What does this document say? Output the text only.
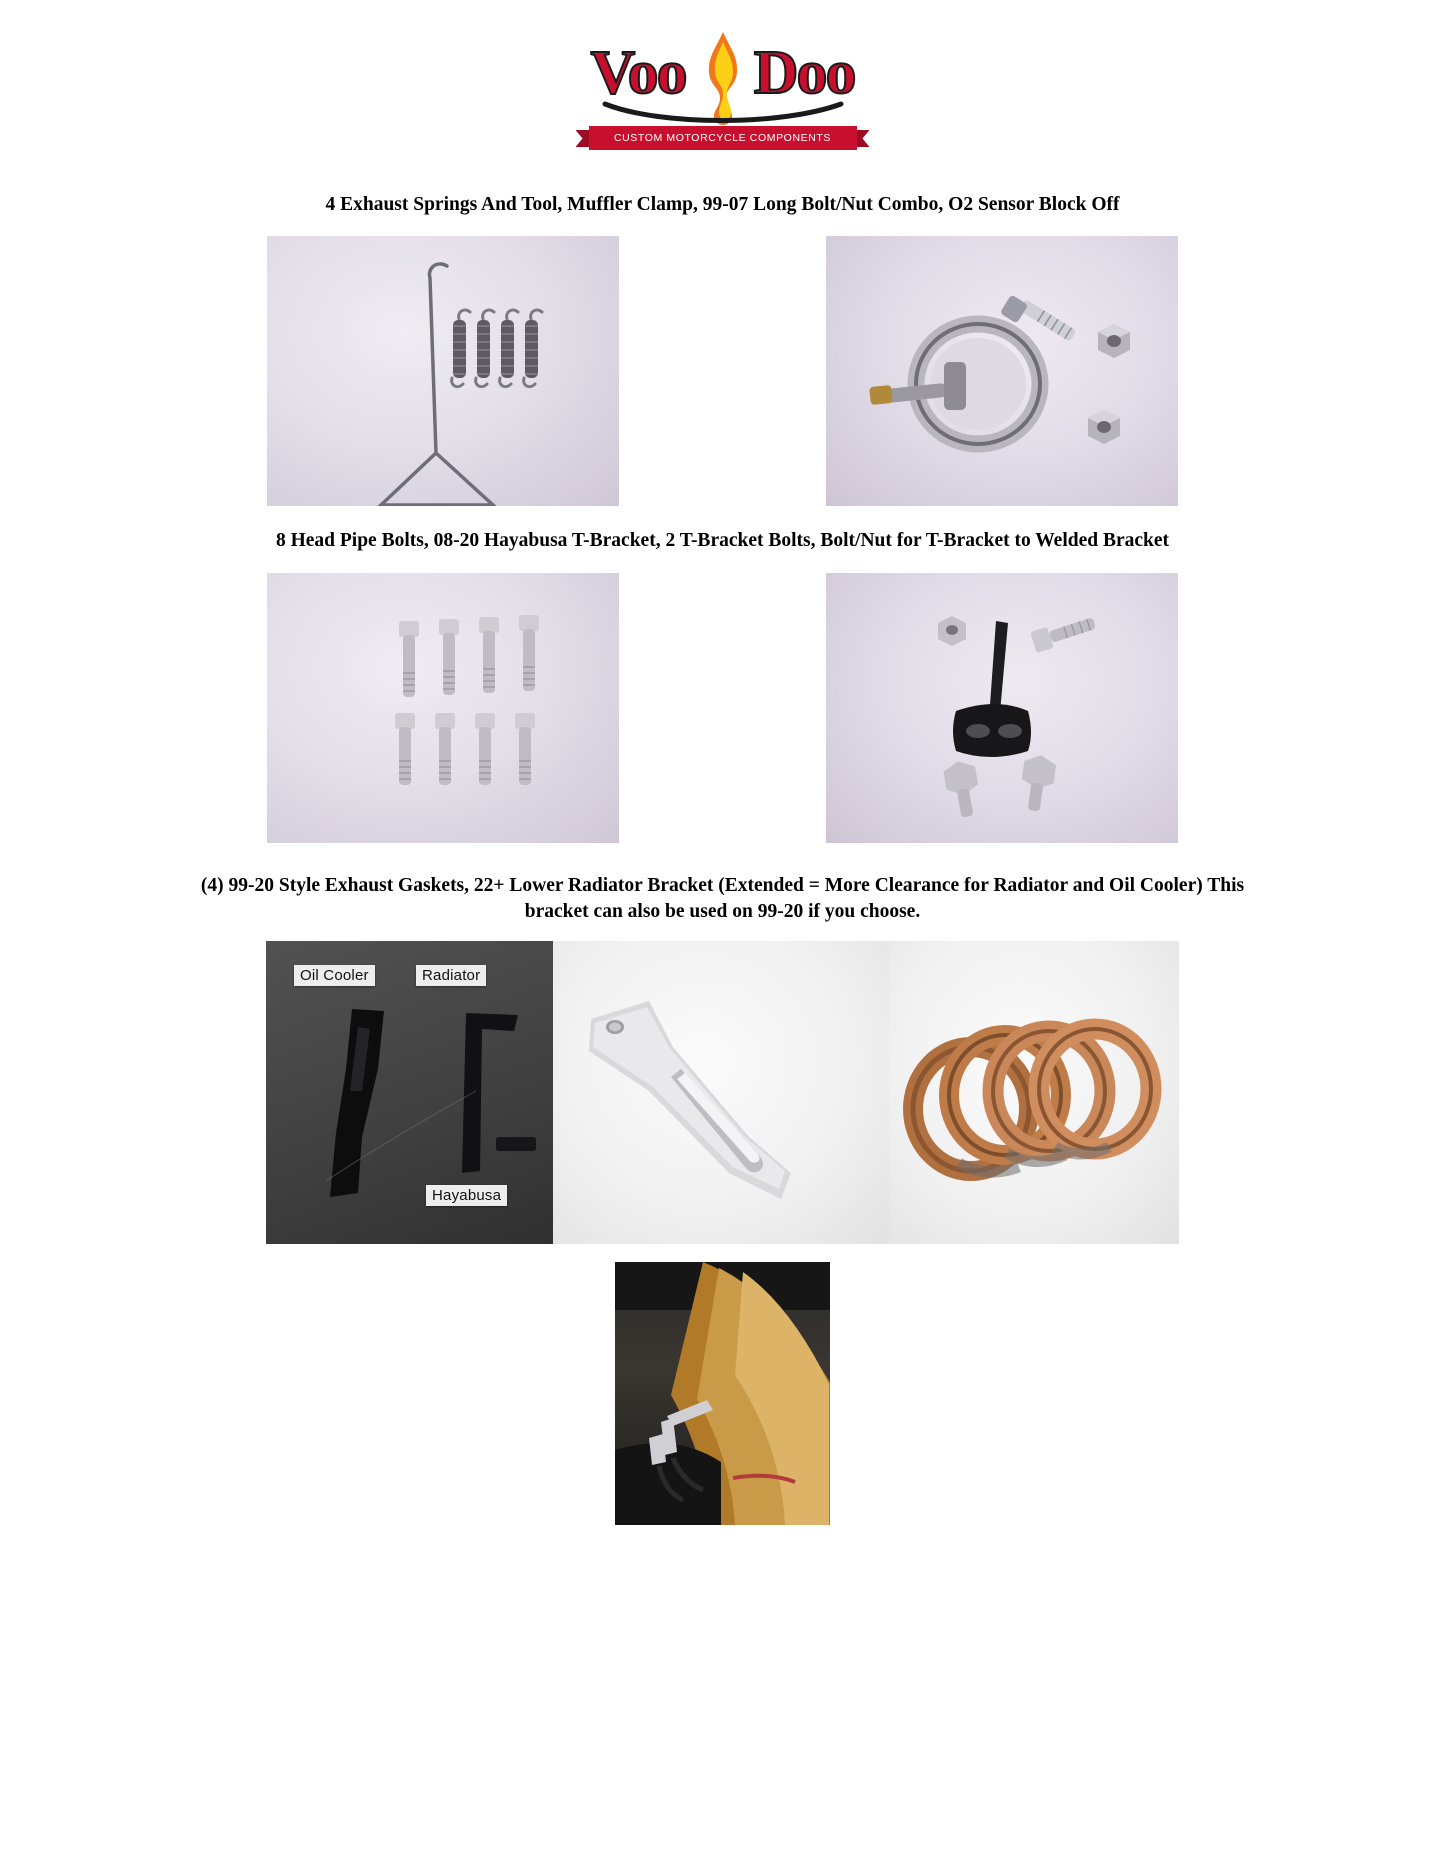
Voo Doo
CUSTOM MOTORCYCLE COMPONENTS
4 Exhaust Springs And Tool, Muffler Clamp, 99-07 Long Bolt/Nut Combo, O2 Sensor Block Off
8 Head Pipe Bolts, 08-20 Hayabusa T-Bracket, 2 T-Bracket Bolts, Bolt/Nut for T-Bracket to Welded Bracket
(4) 99-20 Style Exhaust Gaskets, 22+ Lower Radiator Bracket (Extended = More Clearance for Radiator and Oil Cooler) This bracket can also be used on 99-20 if you choose.
Oil Cooler	Radiator
Hayabusa
